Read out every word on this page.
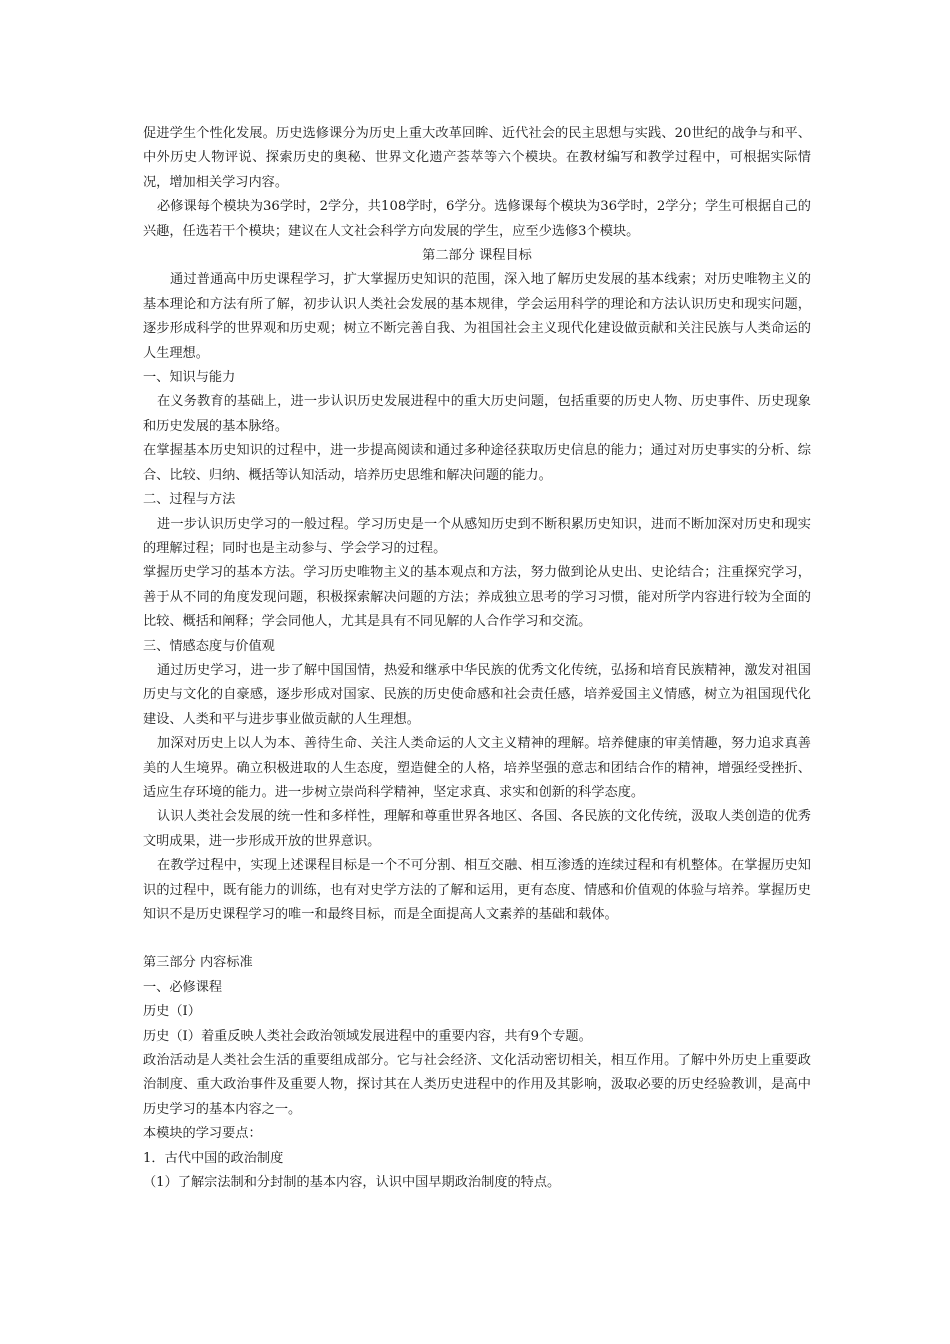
促进学生个性化发展。历史选修课分为历史上重大改革回眸、近代社会的民主思想与实践、20世纪的战争与和平、中外历史人物评说、探索历史的奥秘、世界文化遗产荟萃等六个模块。在教材编写和教学过程中，可根据实际情况，增加相关学习内容。

必修课每个模块为36学时，2学分，共108学时，6学分。选修课每个模块为36学时，2学分；学生可根据自己的兴趣，任选若干个模块；建议在人文社会科学方向发展的学生，应至少选修3个模块。

第二部分 课程目标

通过普通高中历史课程学习，扩大掌握历史知识的范围，深入地了解历史发展的基本线索；对历史唯物主义的基本理论和方法有所了解，初步认识人类社会发展的基本规律，学会运用科学的理论和方法认识历史和现实问题，逐步形成科学的世界观和历史观；树立不断完善自我、为祖国社会主义现代化建设做贡献和关注民族与人类命运的人生理想。

一、知识与能力

在义务教育的基础上，进一步认识历史发展进程中的重大历史问题，包括重要的历史人物、历史事件、历史现象和历史发展的基本脉络。

在掌握基本历史知识的过程中，进一步提高阅读和通过多种途径获取历史信息的能力；通过对历史事实的分析、综合、比较、归纳、概括等认知活动，培养历史思维和解决问题的能力。

二、过程与方法

进一步认识历史学习的一般过程。学习历史是一个从感知历史到不断积累历史知识，进而不断加深对历史和现实的理解过程；同时也是主动参与、学会学习的过程。

掌握历史学习的基本方法。学习历史唯物主义的基本观点和方法，努力做到论从史出、史论结合；注重探究学习，善于从不同的角度发现问题，积极探索解决问题的方法；养成独立思考的学习习惯，能对所学内容进行较为全面的比较、概括和阐释；学会同他人，尤其是具有不同见解的人合作学习和交流。

三、情感态度与价值观

通过历史学习，进一步了解中国国情，热爱和继承中华民族的优秀文化传统，弘扬和培育民族精神，激发对祖国历史与文化的自豪感，逐步形成对国家、民族的历史使命感和社会责任感，培养爱国主义情感，树立为祖国现代化建设、人类和平与进步事业做贡献的人生理想。

加深对历史上以人为本、善待生命、关注人类命运的人文主义精神的理解。培养健康的审美情趣，努力追求真善美的人生境界。确立积极进取的人生态度，塑造健全的人格，培养坚强的意志和团结合作的精神，增强经受挫折、适应生存环境的能力。进一步树立崇尚科学精神，坚定求真、求实和创新的科学态度。

认识人类社会发展的统一性和多样性，理解和尊重世界各地区、各国、各民族的文化传统，汲取人类创造的优秀文明成果，进一步形成开放的世界意识。

在教学过程中，实现上述课程目标是一个不可分割、相互交融、相互渗透的连续过程和有机整体。在掌握历史知识的过程中，既有能力的训练，也有对史学方法的了解和运用，更有态度、情感和价值观的体验与培养。掌握历史知识不是历史课程学习的唯一和最终目标，而是全面提高人文素养的基础和载体。

第三部分 内容标准

一、必修课程

历史（Ⅰ）

历史（Ⅰ）着重反映人类社会政治领域发展进程中的重要内容，共有9个专题。

政治活动是人类社会生活的重要组成部分。它与社会经济、文化活动密切相关，相互作用。了解中外历史上重要政治制度、重大政治事件及重要人物，探讨其在人类历史进程中的作用及其影响，汲取必要的历史经验教训，是高中历史学习的基本内容之一。

本模块的学习要点：

1．古代中国的政治制度

（1）了解宗法制和分封制的基本内容，认识中国早期政治制度的特点。
